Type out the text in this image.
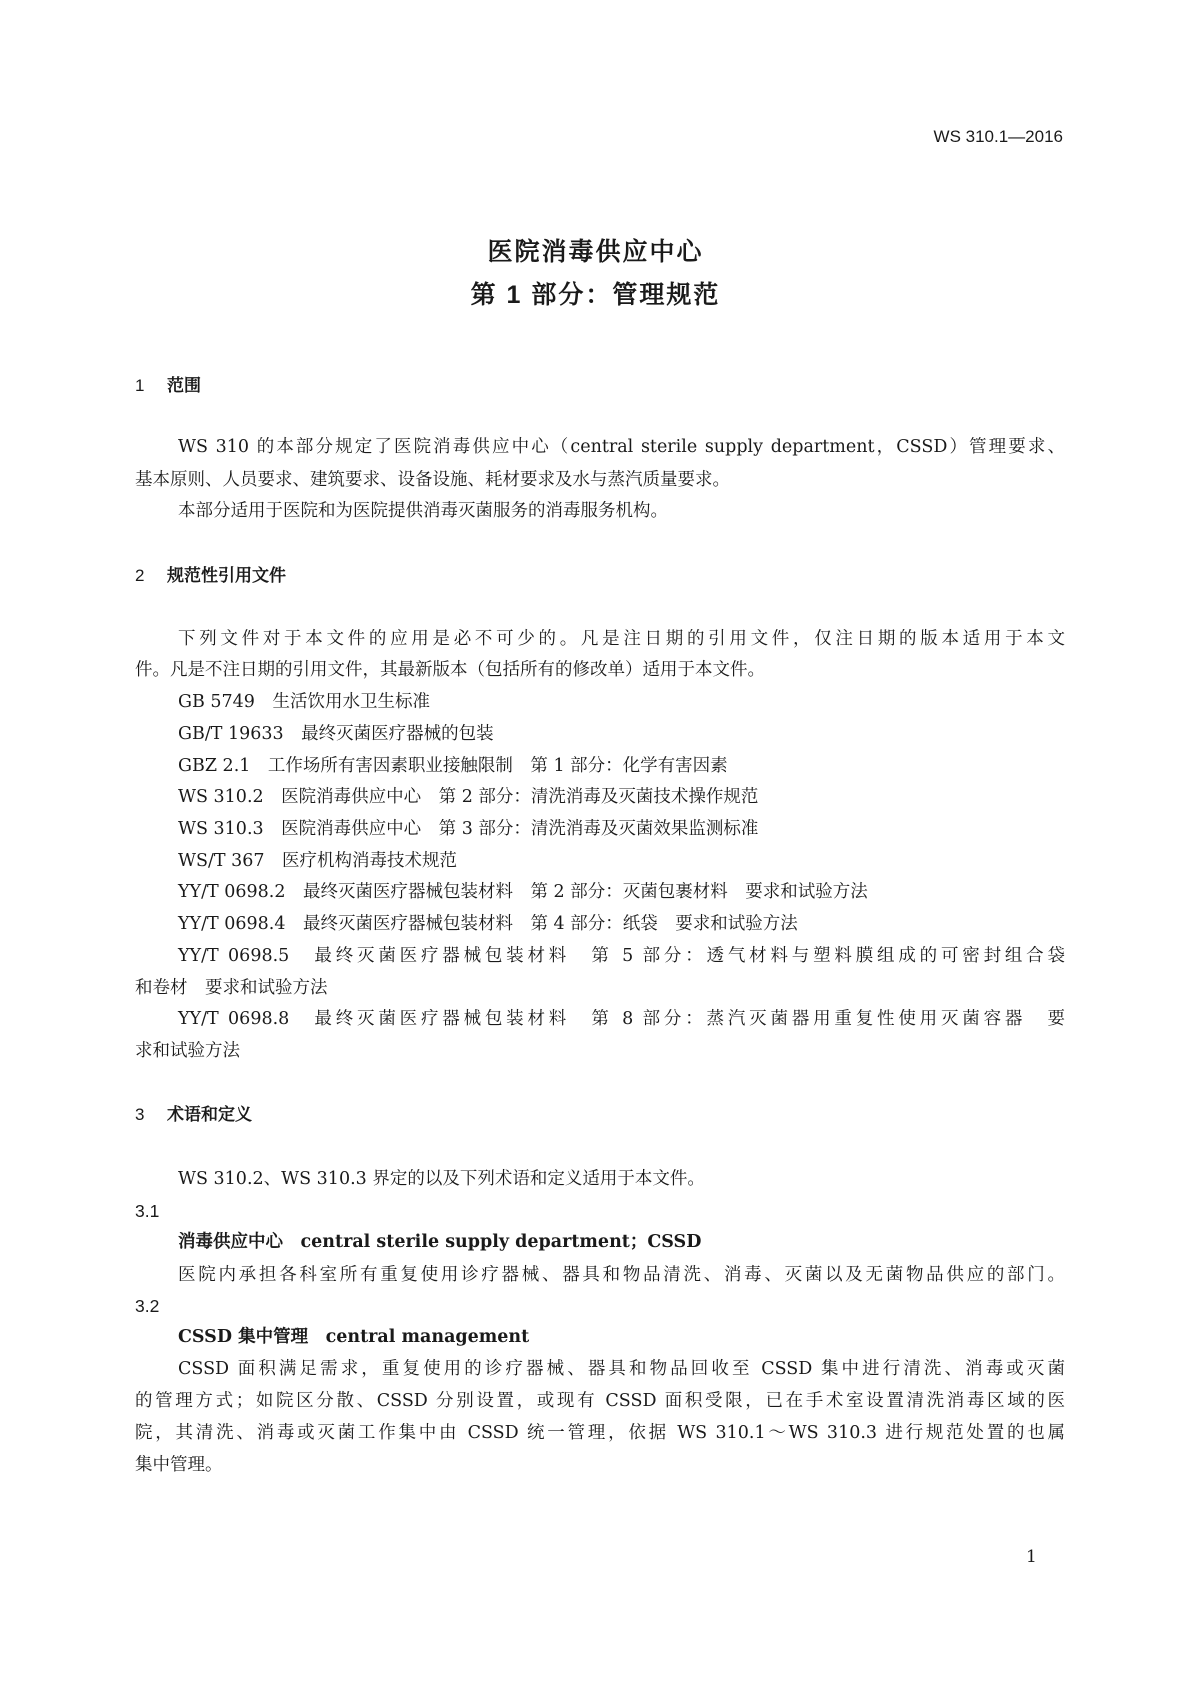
WS 310.1—2016
医院消毒供应中心
第 1 部分：管理规范
1 范围
WS 310 的本部分规定了医院消毒供应中心（central sterile supply department，CSSD）管理要求、
基本原则、人员要求、建筑要求、设备设施、耗材要求及水与蒸汽质量要求。
本部分适用于医院和为医院提供消毒灭菌服务的消毒服务机构。
2 规范性引用文件
下列文件对于本文件的应用是必不可少的。凡是注日期的引用文件，仅注日期的版本适用于本文
件。凡是不注日期的引用文件，其最新版本（包括所有的修改单）适用于本文件。
GB 5749　生活饮用水卫生标准
GB/T 19633　最终灭菌医疗器械的包装
GBZ 2.1　工作场所有害因素职业接触限制　第 1 部分：化学有害因素
WS 310.2　医院消毒供应中心　第 2 部分：清洗消毒及灭菌技术操作规范
WS 310.3　医院消毒供应中心　第 3 部分：清洗消毒及灭菌效果监测标准
WS/T 367　医疗机构消毒技术规范
YY/T 0698.2　最终灭菌医疗器械包装材料　第 2 部分：灭菌包裹材料　要求和试验方法
YY/T 0698.4　最终灭菌医疗器械包装材料　第 4 部分：纸袋　要求和试验方法
YY/T 0698.5　最终灭菌医疗器械包装材料　第 5 部分：透气材料与塑料膜组成的可密封组合袋
和卷材　要求和试验方法
YY/T 0698.8　最终灭菌医疗器械包装材料　第 8 部分：蒸汽灭菌器用重复性使用灭菌容器　要
求和试验方法
3 术语和定义
WS 310.2、WS 310.3 界定的以及下列术语和定义适用于本文件。
3.1
消毒供应中心　central sterile supply department；CSSD
医院内承担各科室所有重复使用诊疗器械、器具和物品清洗、消毒、灭菌以及无菌物品供应的部门。
3.2
CSSD 集中管理　central management
CSSD 面积满足需求，重复使用的诊疗器械、器具和物品回收至 CSSD 集中进行清洗、消毒或灭菌
的管理方式；如院区分散、CSSD 分别设置，或现有 CSSD 面积受限，已在手术室设置清洗消毒区域的医
院，其清洗、消毒或灭菌工作集中由 CSSD 统一管理，依据 WS 310.1～WS 310.3 进行规范处置的也属
集中管理。
1
